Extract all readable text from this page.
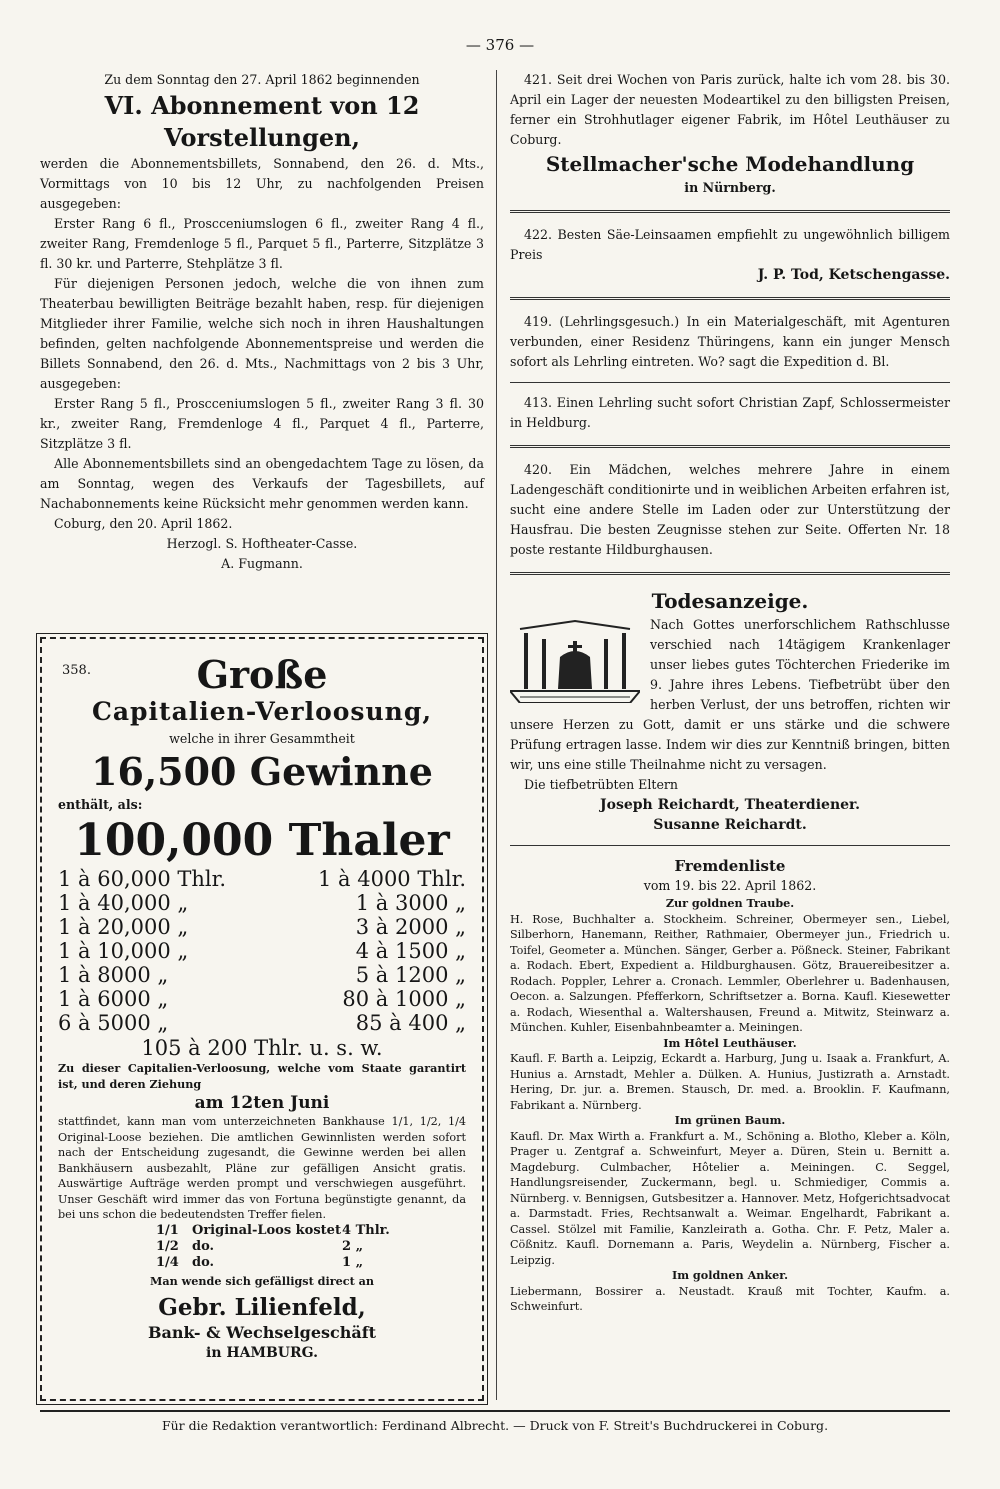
— 376 —

Zu dem Sonntag den 27. April 1862 beginnenden

VI. Abonnement von 12 Vorstellungen,

werden die Abonnementsbillets, Sonnabend, den 26. d. Mts., Vormittags von 10 bis 12 Uhr, zu nachfolgenden Preisen ausgegeben:

Erster Rang 6 fl., Proscceniumslogen 6 fl., zweiter Rang 4 fl., zweiter Rang, Fremdenloge 5 fl., Parquet 5 fl., Parterre, Sitzplätze 3 fl. 30 kr. und Parterre, Stehplätze 3 fl.

Für diejenigen Personen jedoch, welche die von ihnen zum Theaterbau bewilligten Beiträge bezahlt haben, resp. für diejenigen Mitglieder ihrer Familie, welche sich noch in ihren Haushaltungen befinden, gelten nachfolgende Abonnementspreise und werden die Billets Sonnabend, den 26. d. Mts., Nachmittags von 2 bis 3 Uhr, ausgegeben:

Erster Rang 5 fl., Proscceniumslogen 5 fl., zweiter Rang 3 fl. 30 kr., zweiter Rang, Fremdenloge 4 fl., Parquet 4 fl., Parterre, Sitzplätze 3 fl.

Alle Abonnementsbillets sind an obengedachtem Tage zu lösen, da am Sonntag, wegen des Verkaufs der Tagesbillets, auf Nachabonnements keine Rücksicht mehr genommen werden kann.

Coburg, den 20. April 1862.

Herzogl. S. Hoftheater-Casse.

A. Fugmann.

358.	Große

Capitalien-Verloosung,

welche in ihrer Gesammtheit

16,500 Gewinne

enthält, als:

100,000 Thaler

1 à 60,000 Thlr.	1 à 4000 Thlr.
1 à 40,000 „	1 à 3000 „
1 à 20,000 „	3 à 2000 „
1 à 10,000 „	4 à 1500 „
1 à 8000 „	5 à 1200 „
1 à 6000 „	80 à 1000 „
6 à 5000 „	85 à 400 „

105 à 200 Thlr. u. s. w.

Zu dieser Capitalien-Verloosung, welche vom Staate garantirt ist, und deren Ziehung

am 12ten Juni

stattfindet, kann man vom unterzeichneten Bankhause 1/1, 1/2, 1/4 Original-Loose beziehen. Die amtlichen Gewinnlisten werden sofort nach der Entscheidung zugesandt, die Gewinne werden bei allen Bankhäusern ausbezahlt, Pläne zur gefälligen Ansicht gratis. Auswärtige Aufträge werden prompt und verschwiegen ausgeführt. Unser Geschäft wird immer das von Fortuna begünstigte genannt, da bei uns schon die bedeutendsten Treffer fielen.

1/1	Original-Loos kostet 4 Thlr.
1/2	do.	2 „
1/4	do.	1 „

Man wende sich gefälligst direct an

Gebr. Lilienfeld,

Bank- & Wechselgeschäft

in HAMBURG.

421. Seit drei Wochen von Paris zurück, halte ich vom 28. bis 30. April ein Lager der neuesten Modeartikel zu den billigsten Preisen, ferner ein Strohhutlager eigener Fabrik, im Hôtel Leuthäuser zu Coburg.

Stellmacher'sche Modehandlung

in Nürnberg.

422. Besten Säe-Leinsaamen empfiehlt zu ungewöhnlich billigem Preis

J. P. Tod, Ketschengasse.

419. (Lehrlingsgesuch.) In ein Materialgeschäft, mit Agenturen verbunden, einer Residenz Thüringens, kann ein junger Mensch sofort als Lehrling eintreten. Wo? sagt die Expedition d. Bl.

413. Einen Lehrling sucht sofort Christian Zapf, Schlossermeister in Heldburg.

420. Ein Mädchen, welches mehrere Jahre in einem Ladengeschäft conditionirte und in weiblichen Arbeiten erfahren ist, sucht eine andere Stelle im Laden oder zur Unterstützung der Hausfrau. Die besten Zeugnisse stehen zur Seite. Offerten Nr. 18 poste restante Hildburghausen.

Todesanzeige.

Nach Gottes unerforschlichem Rathschlusse verschied nach 14tägigem Krankenlager unser liebes gutes Töchterchen Friederike im 9. Jahre ihres Lebens. Tiefbetrübt über den herben Verlust, der uns betroffen, richten wir unsere Herzen zu Gott, damit er uns stärke und die schwere Prüfung ertragen lasse. Indem wir dies zur Kenntniß bringen, bitten wir, uns eine stille Theilnahme nicht zu versagen.

Die tiefbetrübten Eltern

Joseph Reichardt, Theaterdiener.

Susanne Reichardt.

Fremdenliste

vom 19. bis 22. April 1862.

Zur goldnen Traube.

H. Rose, Buchhalter a. Stockheim. Schreiner, Obermeyer sen., Liebel, Silberhorn, Hanemann, Reither, Rathmaier, Obermeyer jun., Friedrich u. Toifel, Geometer a. München. Sänger, Gerber a. Pößneck. Steiner, Fabrikant a. Rodach. Ebert, Expedient a. Hildburghausen. Götz, Brauereibesitzer a. Rodach. Poppler, Lehrer a. Cronach. Lemmler, Oberlehrer u. Badenhausen, Oecon. a. Salzungen. Pfefferkorn, Schriftsetzer a. Borna. Kaufl. Kiesewetter a. Rodach, Wiesenthal a. Waltershausen, Freund a. Mitwitz, Steinwarz a. München. Kuhler, Eisenbahnbeamter a. Meiningen.

Im Hôtel Leuthäuser.

Kaufl. F. Barth a. Leipzig, Eckardt a. Harburg, Jung u. Isaak a. Frankfurt, A. Hunius a. Arnstadt, Mehler a. Dülken. A. Hunius, Justizrath a. Arnstadt. Hering, Dr. jur. a. Bremen. Stausch, Dr. med. a. Brooklin. F. Kaufmann, Fabrikant a. Nürnberg.

Im grünen Baum.

Kaufl. Dr. Max Wirth a. Frankfurt a. M., Schöning a. Blotho, Kleber a. Köln, Prager u. Zentgraf a. Schweinfurt, Meyer a. Düren, Stein u. Bernitt a. Magdeburg. Culmbacher, Hôtelier a. Meiningen. C. Seggel, Handlungsreisender, Zuckermann, begl. u. Schmiediger, Commis a. Nürnberg. v. Bennigsen, Gutsbesitzer a. Hannover. Metz, Hofgerichtsadvocat a. Darmstadt. Fries, Rechtsanwalt a. Weimar. Engelhardt, Fabrikant a. Cassel. Stölzel mit Familie, Kanzleirath a. Gotha. Chr. F. Petz, Maler a. Cößnitz. Kaufl. Dornemann a. Paris, Weydelin a. Nürnberg, Fischer a. Leipzig.

Im goldnen Anker.

Liebermann, Bossirer a. Neustadt. Krauß mit Tochter, Kaufm. a. Schweinfurt.

Für die Redaktion verantwortlich: Ferdinand Albrecht. — Druck von F. Streit's Buchdruckerei in Coburg.
